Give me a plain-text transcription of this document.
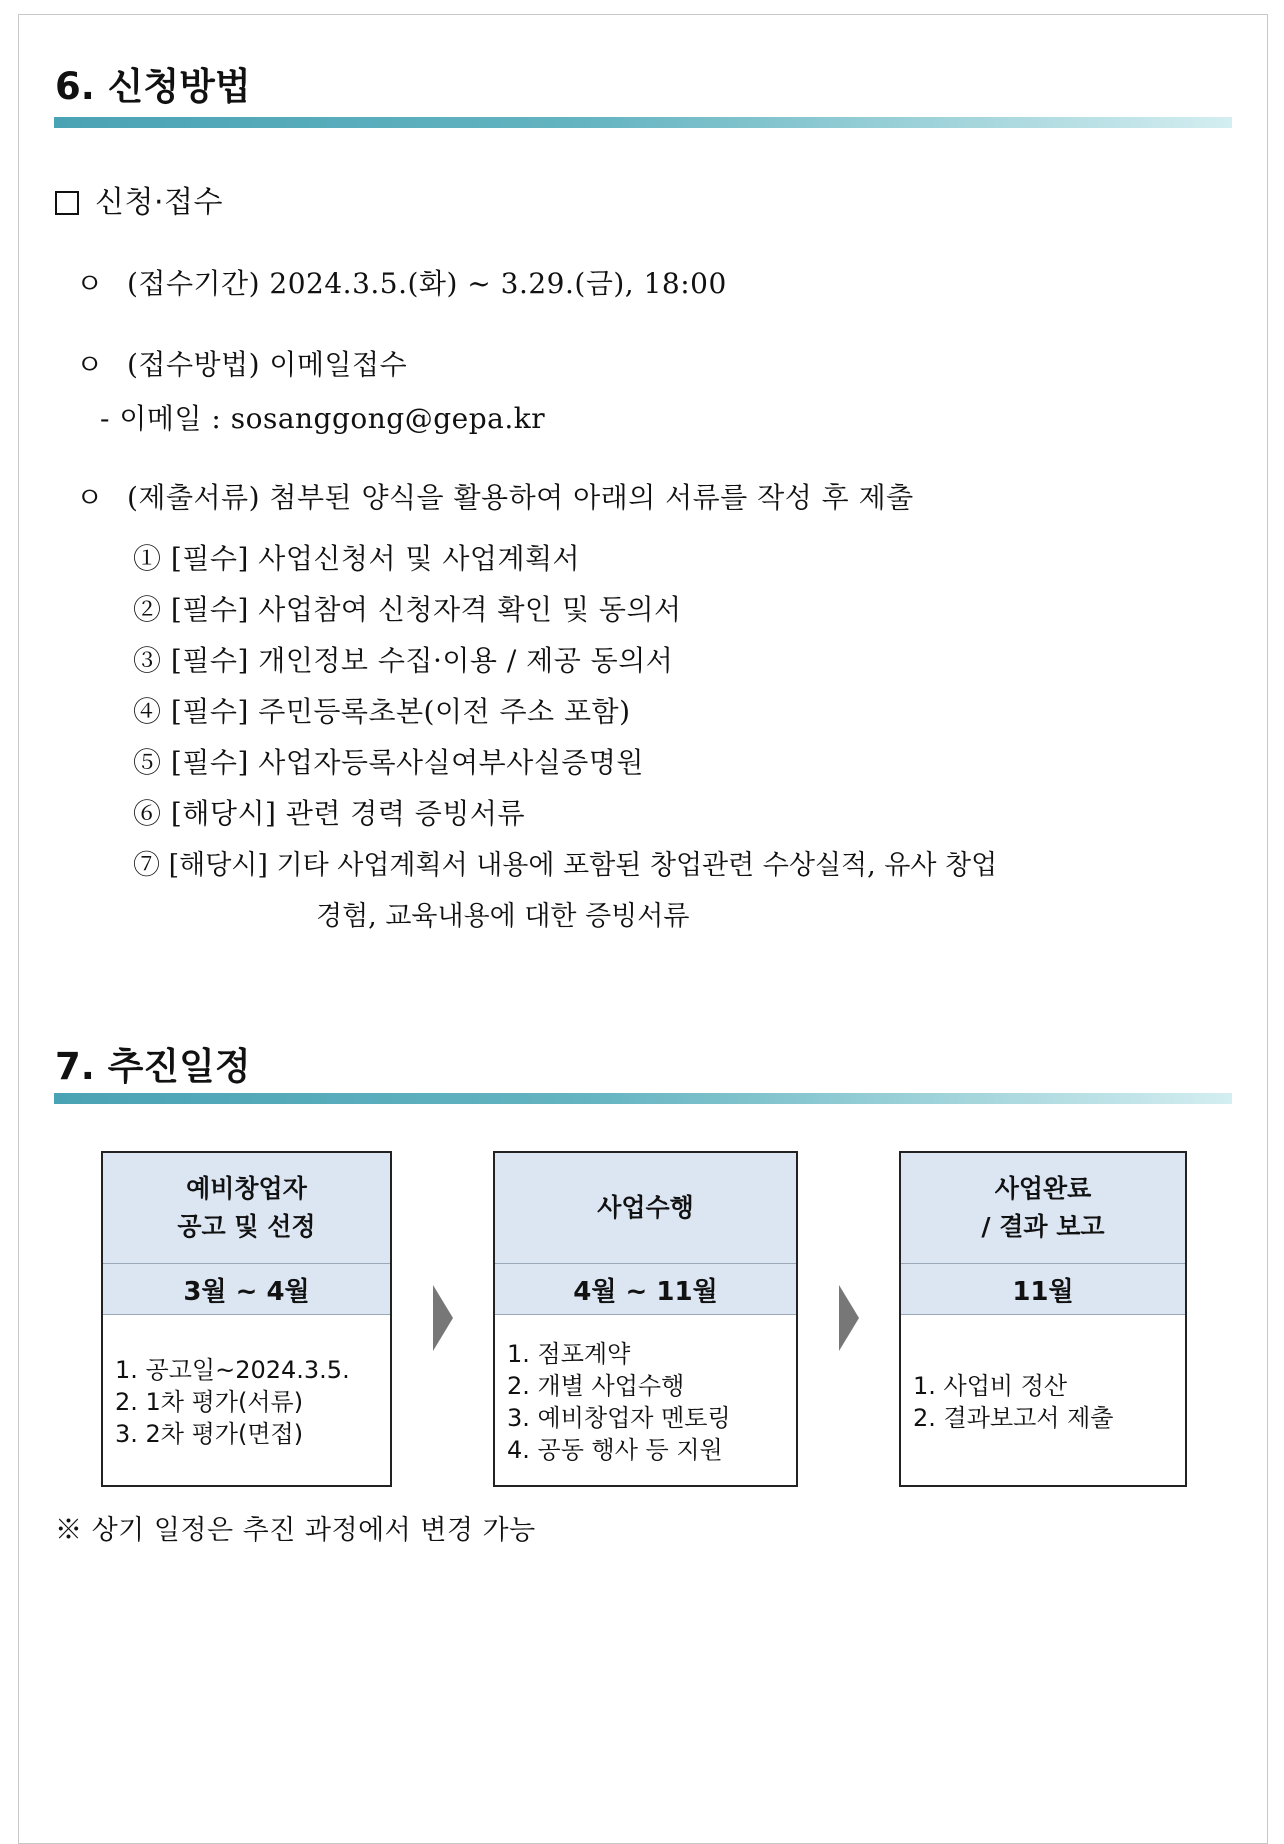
6. 신청방법
신청·접수
ㅇ (접수기간) 2024.3.5.(화) ~ 3.29.(금), 18:00
ㅇ (접수방법) 이메일접수
- 이메일 : sosanggong@gepa.kr
ㅇ (제출서류) 첨부된 양식을 활용하여 아래의 서류를 작성 후 제출
① [필수] 사업신청서 및 사업계획서
② [필수] 사업참여 신청자격 확인 및 동의서
③ [필수] 개인정보 수집·이용 / 제공 동의서
④ [필수] 주민등록초본(이전 주소 포함)
⑤ [필수] 사업자등록사실여부사실증명원
⑥ [해당시] 관련 경력 증빙서류
⑦ [해당시] 기타 사업계획서 내용에 포함된 창업관련 수상실적, 유사 창업
경험, 교육내용에 대한 증빙서류
7. 추진일정
예비창업자
공고 및 선정
3월 ~ 4월
1. 공고일~2024.3.5.
2. 1차 평가(서류)
3. 2차 평가(면접)
사업수행
4월 ~ 11월
1. 점포계약
2. 개별 사업수행
3. 예비창업자 멘토링
4. 공동 행사 등 지원
사업완료
/ 결과 보고
11월
1. 사업비 정산
2. 결과보고서 제출
※ 상기 일정은 추진 과정에서 변경 가능
